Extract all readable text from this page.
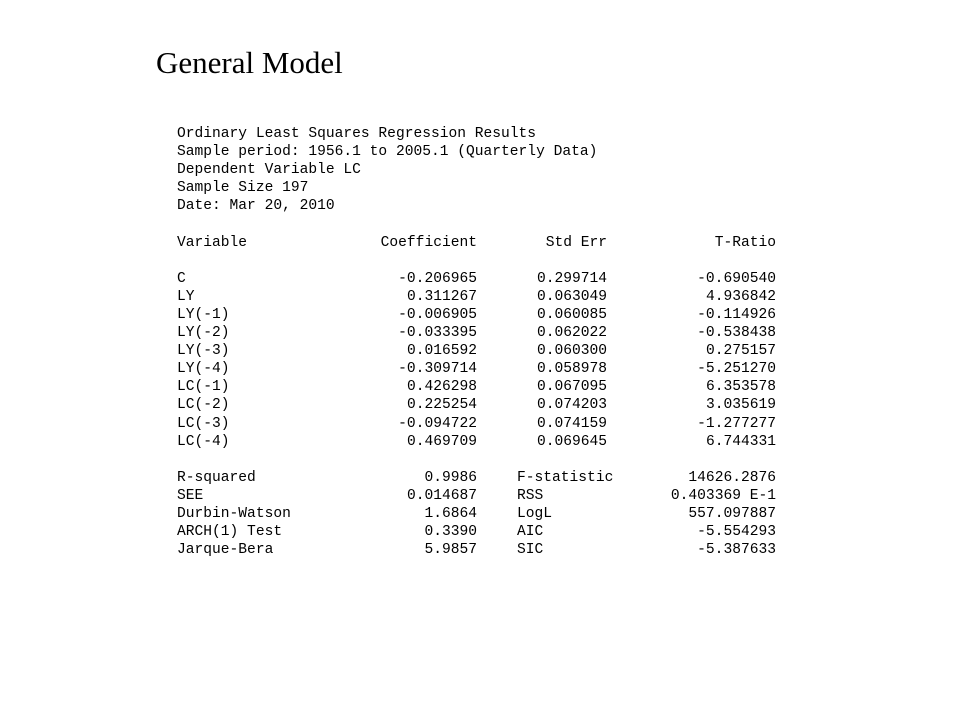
General Model
Ordinary Least Squares Regression Results
Sample period: 1956.1 to 2005.1 (Quarterly Data)
Dependent Variable LC
Sample Size 197
Date: Mar 20, 2010
Variable	Coefficient	Std Err	T-Ratio
C	-0.206965	0.299714	-0.690540
LY	0.311267	0.063049	4.936842
LY(-1)	-0.006905	0.060085	-0.114926
LY(-2)	-0.033395	0.062022	-0.538438
LY(-3)	0.016592	0.060300	0.275157
LY(-4)	-0.309714	0.058978	-5.251270
LC(-1)	0.426298	0.067095	6.353578
LC(-2)	0.225254	0.074203	3.035619
LC(-3)	-0.094722	0.074159	-1.277277
LC(-4)	0.469709	0.069645	6.744331
R-squared	0.9986	F-statistic	14626.2876
SEE	0.014687	RSS	0.403369 E-1
Durbin-Watson	1.6864	LogL	557.097887
ARCH(1) Test	0.3390	AIC	-5.554293
Jarque-Bera	5.9857	SIC	-5.387633
